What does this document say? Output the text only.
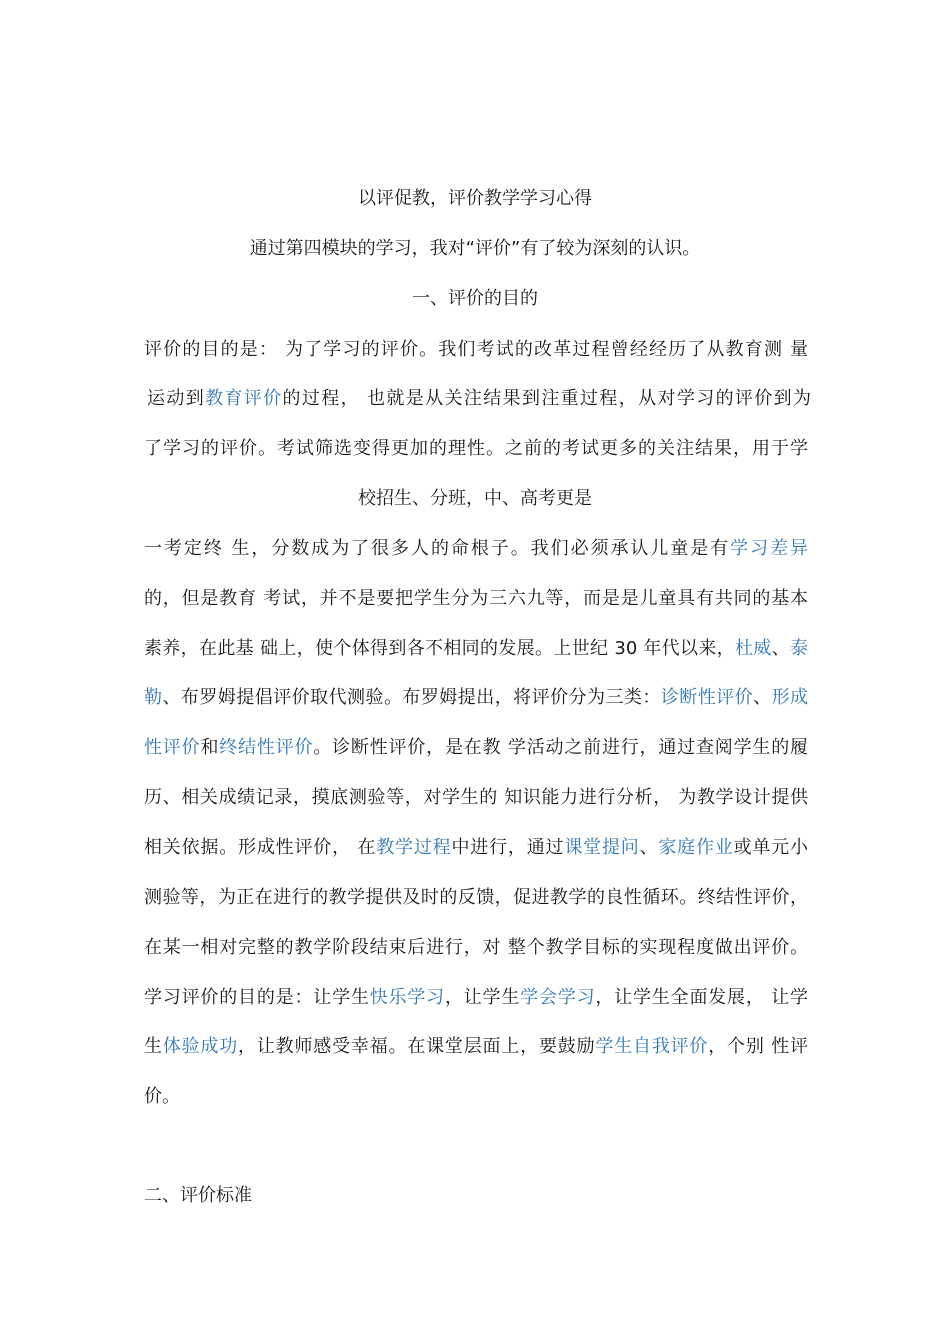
以评促教，评价教学学习心得
通过第四模块的学习，我对“评价”有了较为深刻的认识。
一、评价的目的
评价的目的是： 为了学习的评价。我们考试的改革过程曾经经历了从教育测 量
运动到教育评价的过程， 也就是从关注结果到注重过程，从对学习的评价到为
了学习的评价。考试筛选变得更加的理性。之前的考试更多的关注结果，用于学
校招生、分班，中、高考更是
一考定终 生，分数成为了很多人的命根子。我们必须承认儿童是有学习差异
的，但是教育 考试，并不是要把学生分为三六九等，而是是儿童具有共同的基本
素养，在此基 础上，使个体得到各不相同的发展。上世纪 30 年代以来，杜威、泰
勒、布罗姆提倡评价取代测验。布罗姆提出，将评价分为三类：诊断性评价、形成
性评价和终结性评价。诊断性评价，是在教 学活动之前进行，通过查阅学生的履
历、相关成绩记录，摸底测验等，对学生的 知识能力进行分析， 为教学设计提供
相关依据。形成性评价， 在教学过程中进行，通过课堂提问、家庭作业或单元小
测验等，为正在进行的教学提供及时的反馈，促进教学的良性循环。终结性评价，
在某一相对完整的教学阶段结束后进行，对 整个教学目标的实现程度做出评价。
学习评价的目的是：让学生快乐学习，让学生学会学习，让学生全面发展， 让学
生体验成功，让教师感受幸福。在课堂层面上，要鼓励学生自我评价，个别 性评
价。
二、评价标准
